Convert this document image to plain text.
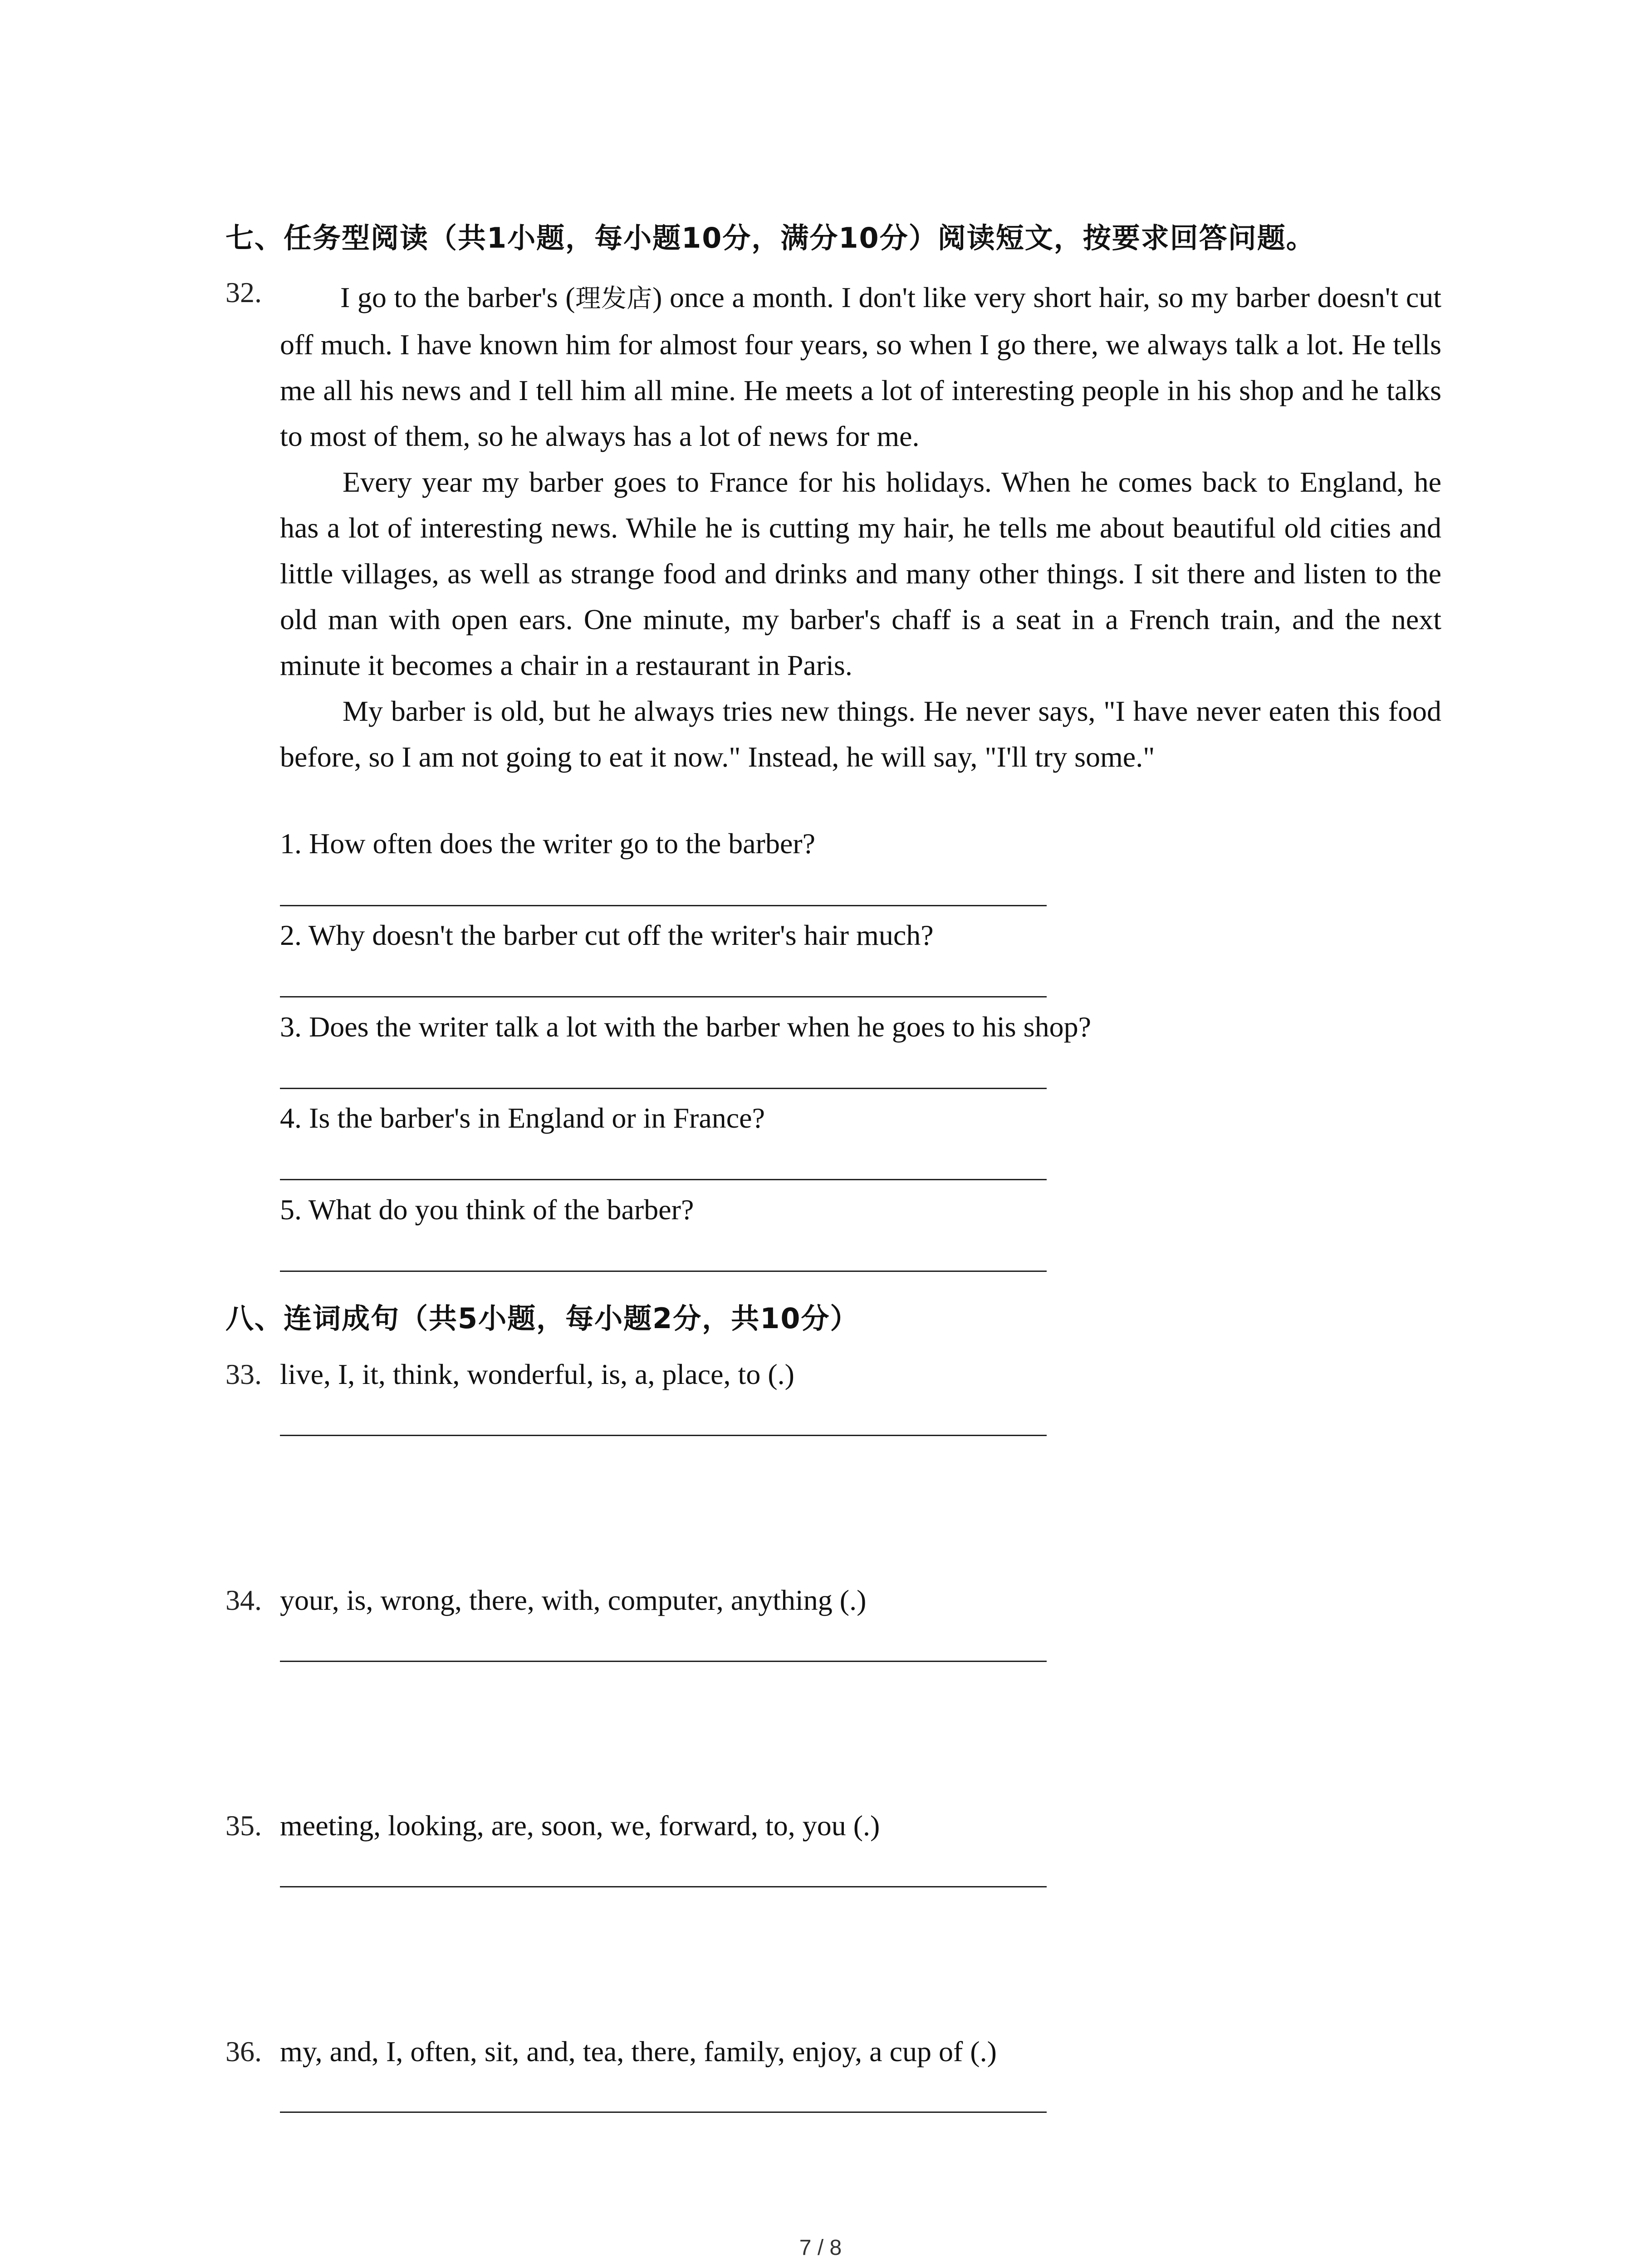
七、任务型阅读（共1小题，每小题10分，满分10分）阅读短文，按要求回答问题。
32.	I go to the barber's (理发店) once a month. I don't like very short hair, so my barber doesn't cut off much. I have known him for almost four years, so when I go there, we always talk a lot. He tells me all his news and I tell him all mine. He meets a lot of interesting people in his shop and he talks to most of them, so he always has a lot of news for me.

Every year my barber goes to France for his holidays. When he comes back to England, he has a lot of interesting news. While he is cutting my hair, he tells me about beautiful old cities and little villages, as well as strange food and drinks and many other things. I sit there and listen to the old man with open ears. One minute, my barber's chaff is a seat in a French train, and the next minute it becomes a chair in a restaurant in Paris.

My barber is old, but he always tries new things. He never says, "I have never eaten this food before, so I am not going to eat it now." Instead, he will say, "I'll try some."

1. How often does the writer go to the barber?
2. Why doesn't the barber cut off the writer's hair much?
3. Does the writer talk a lot with the barber when he goes to his shop?
4. Is the barber's in England or in France?
5. What do you think of the barber?
八、连词成句（共5小题，每小题2分，共10分）
33. live, I, it, think, wonderful, is, a, place, to (.)
34. your, is, wrong, there, with, computer, anything (.)
35. meeting, looking, are, soon, we, forward, to, you (.)
36. my, and, I, often, sit, and, tea, there, family, enjoy, a cup of (.)
7 / 8
